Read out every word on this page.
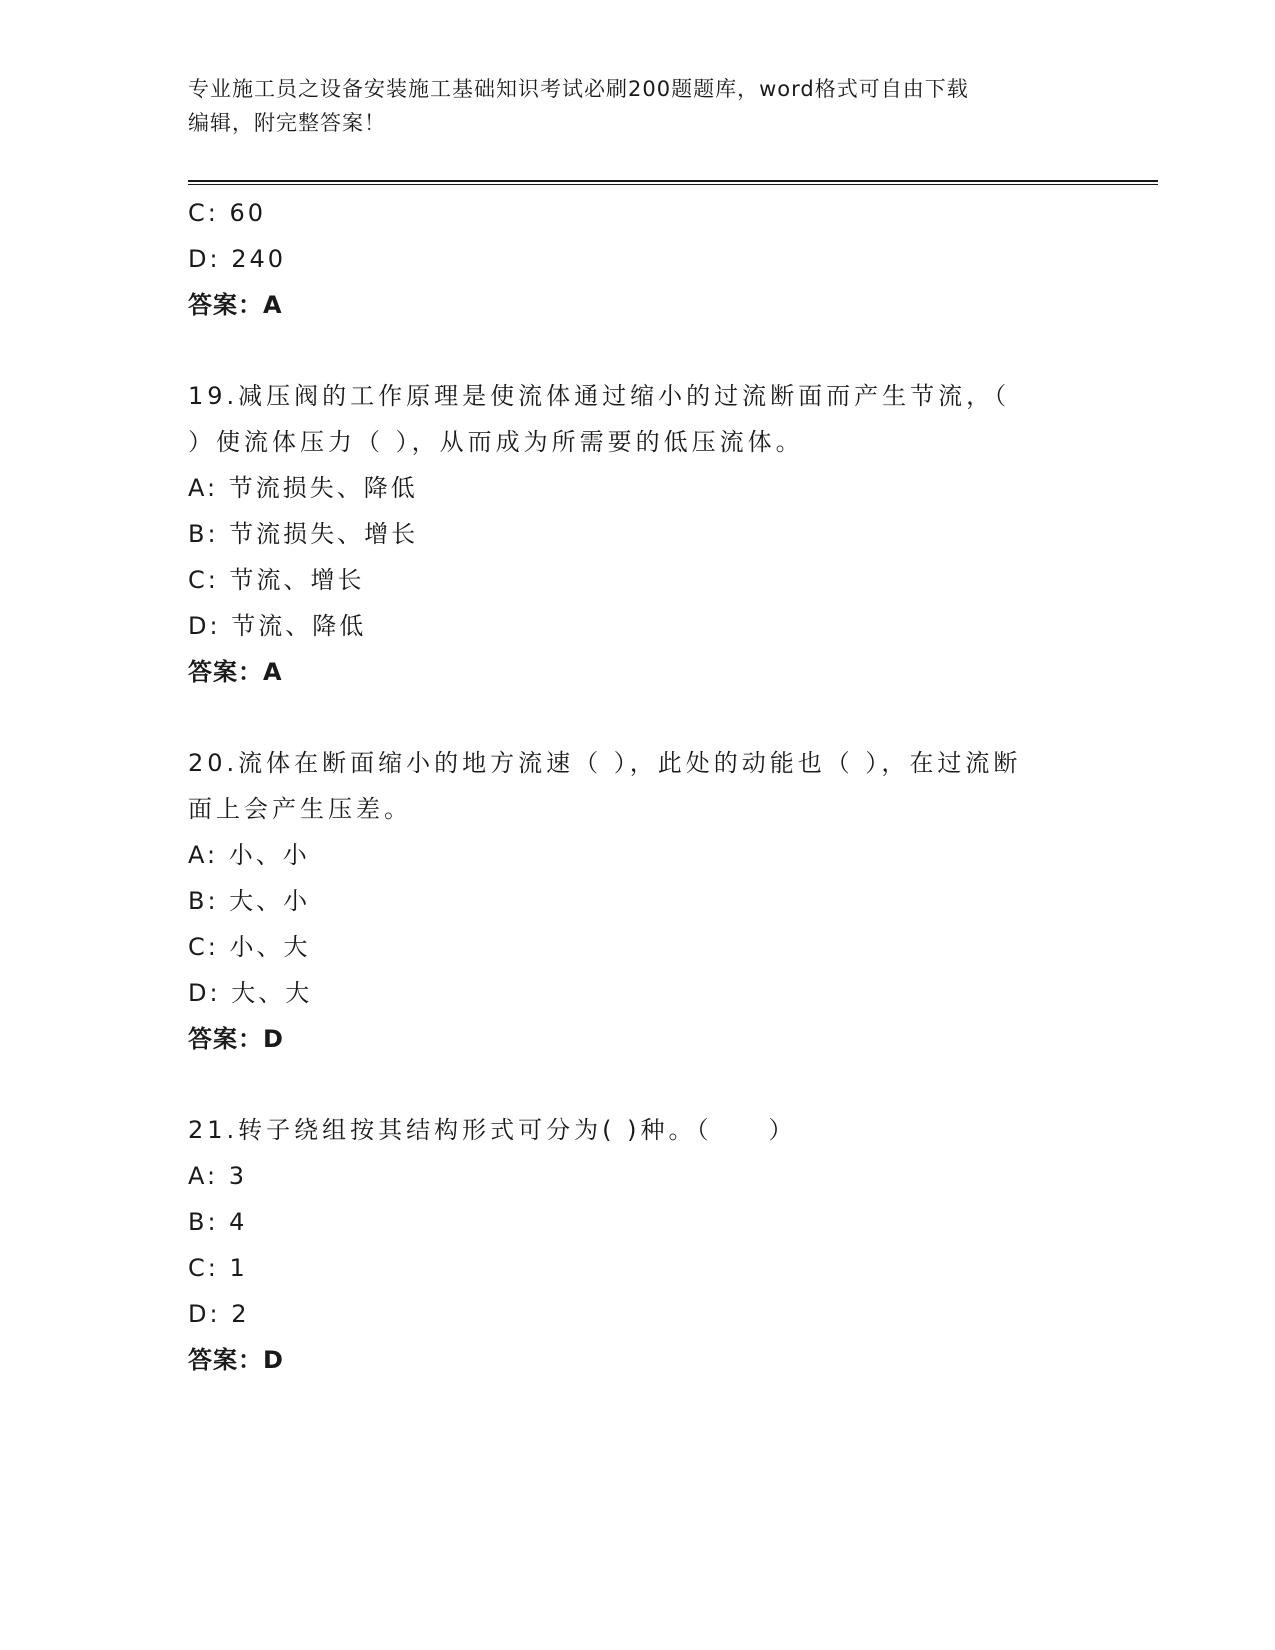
专业施工员之设备安装施工基础知识考试必刷200题题库，word格式可自由下载
编辑，附完整答案！
C: 60
D: 240
答案：A
19.减压阀的工作原理是使流体通过缩小的过流断面而产生节流，（
）使流体压力（ ），从而成为所需要的低压流体。
A: 节流损失、降低
B: 节流损失、增长
C: 节流、增长
D: 节流、降低
答案：A
20.流体在断面缩小的地方流速（ ），此处的动能也（ ），在过流断
面上会产生压差。
A: 小、小
B: 大、小
C: 小、大
D: 大、大
答案：D
21.转子绕组按其结构形式可分为( )种。（　　）
A: 3
B: 4
C: 1
D: 2
答案：D
